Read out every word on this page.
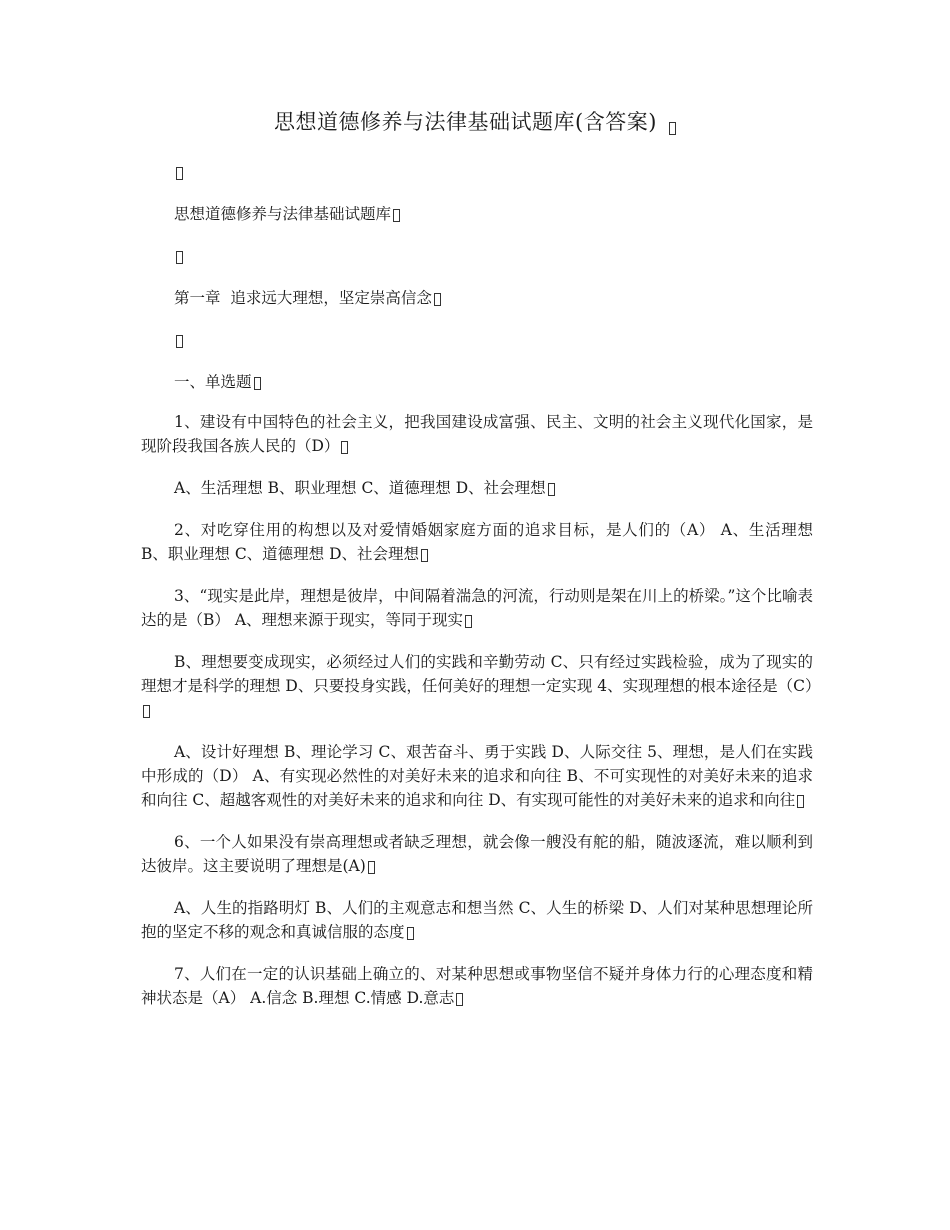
思想道德修养与法律基础试题库(含答案)
思想道德修养与法律基础试题库
第一章  追求远大理想，坚定崇高信念
一、单选题
1、建设有中国特色的社会主义，把我国建设成富强、民主、文明的社会主义现代化国家，是现阶段我国各族人民的（D）
A、生活理想 B、职业理想 C、道德理想 D、社会理想
2、对吃穿住用的构想以及对爱情婚姻家庭方面的追求目标，是人们的（A） A、生活理想 B、职业理想 C、道德理想 D、社会理想
3、“现实是此岸，理想是彼岸，中间隔着湍急的河流，行动则是架在川上的桥梁。”这个比喻表达的是（B） A、理想来源于现实，等同于现实
B、理想要变成现实，必须经过人们的实践和辛勤劳动 C、只有经过实践检验，成为了现实的理想才是科学的理想 D、只要投身实践，任何美好的理想一定实现 4、实现理想的根本途径是（C）
A、设计好理想 B、理论学习 C、艰苦奋斗、勇于实践 D、人际交往 5、理想，是人们在实践中形成的（D） A、有实现必然性的对美好未来的追求和向往 B、不可实现性的对美好未来的追求和向往 C、超越客观性的对美好未来的追求和向往 D、有实现可能性的对美好未来的追求和向往
6、一个人如果没有崇高理想或者缺乏理想，就会像一艘没有舵的船，随波逐流，难以顺利到达彼岸。这主要说明了理想是(A)
A、人生的指路明灯 B、人们的主观意志和想当然 C、人生的桥梁 D、人们对某种思想理论所抱的坚定不移的观念和真诚信服的态度
7、人们在一定的认识基础上确立的、对某种思想或事物坚信不疑并身体力行的心理态度和精神状态是（A） A.信念 B.理想 C.情感 D.意志
